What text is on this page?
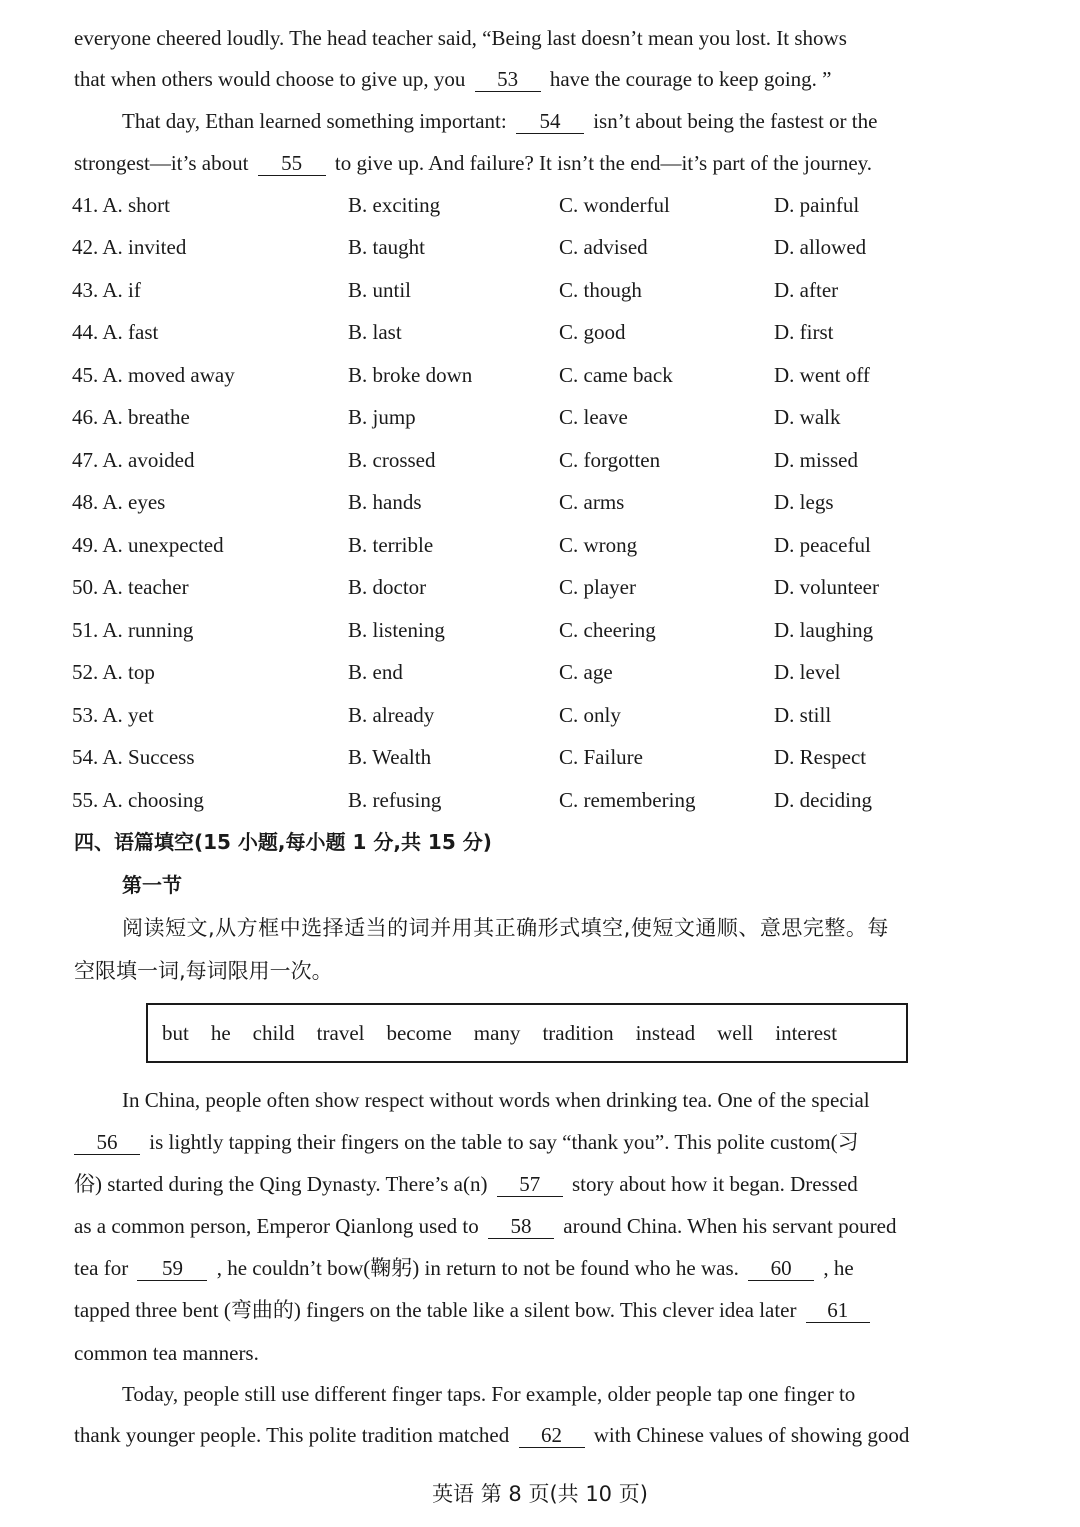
everyone cheered loudly. The head teacher said, “Being last doesn’t mean you lost. It shows
that when others would choose to give up, you 53 have the courage to keep going. ”
That day, Ethan learned something important: 54 isn’t about being the fastest or the
strongest—it’s about 55 to give up. And failure? It isn’t the end—it’s part of the journey.
41. A. short	B. exciting	C. wonderful	D. painful
42. A. invited	B. taught	C. advised	D. allowed
43. A. if	B. until	C. though	D. after
44. A. fast	B. last	C. good	D. first
45. A. moved away	B. broke down	C. came back	D. went off
46. A. breathe	B. jump	C. leave	D. walk
47. A. avoided	B. crossed	C. forgotten	D. missed
48. A. eyes	B. hands	C. arms	D. legs
49. A. unexpected	B. terrible	C. wrong	D. peaceful
50. A. teacher	B. doctor	C. player	D. volunteer
51. A. running	B. listening	C. cheering	D. laughing
52. A. top	B. end	C. age	D. level
53. A. yet	B. already	C. only	D. still
54. A. Success	B. Wealth	C. Failure	D. Respect
55. A. choosing	B. refusing	C. remembering	D. deciding
四、语篇填空(15 小题,每小题 1 分,共 15 分)
第一节
阅读短文,从方框中选择适当的词并用其正确形式填空,使短文通顺、意思完整。每
空限填一词,每词限用一次。
but he child travel become many tradition instead well interest
In China, people often show respect without words when drinking tea. One of the special
56 is lightly tapping their fingers on the table to say “thank you”. This polite custom(习
俗) started during the Qing Dynasty. There’s a(n) 57 story about how it began. Dressed
as a common person, Emperor Qianlong used to 58 around China. When his servant poured
tea for 59 , he couldn’t bow(鞠躬) in return to not be found who he was. 60 , he
tapped three bent (弯曲的) fingers on the table like a silent bow. This clever idea later 61
common tea manners.
Today, people still use different finger taps. For example, older people tap one finger to
thank younger people. This polite tradition matched 62 with Chinese values of showing good
英语 第 8 页(共 10 页)
